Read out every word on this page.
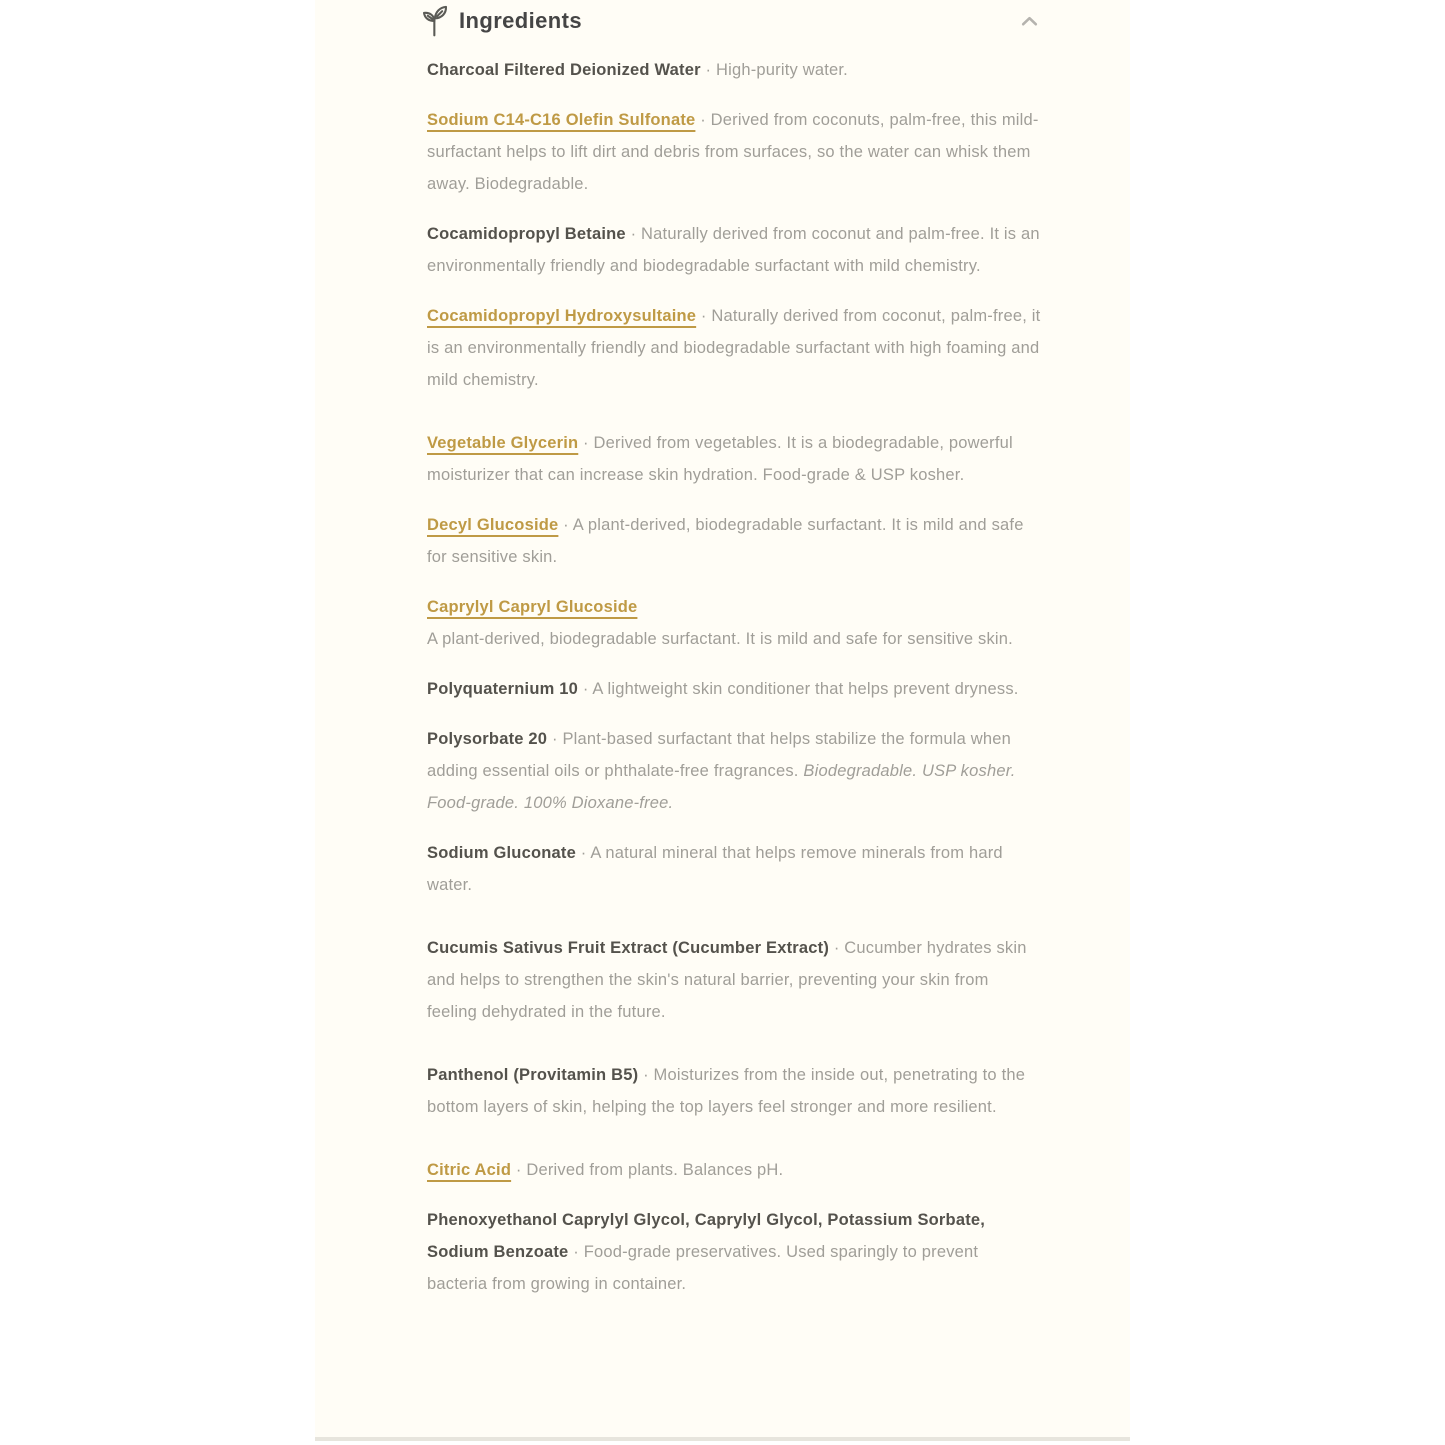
Ingredients

Charcoal Filtered Deionized Water · High-purity water.

Sodium C14-C16 Olefin Sulfonate · Derived from coconuts, palm-free, this mild-surfactant helps to lift dirt and debris from surfaces, so the water can whisk them away. Biodegradable.

Cocamidopropyl Betaine · Naturally derived from coconut and palm-free. It is an environmentally friendly and biodegradable surfactant with mild chemistry.

Cocamidopropyl Hydroxysultaine · Naturally derived from coconut, palm-free, it is an environmentally friendly and biodegradable surfactant with high foaming and mild chemistry.

Vegetable Glycerin · Derived from vegetables. It is a biodegradable, powerful moisturizer that can increase skin hydration. Food-grade & USP kosher.

Decyl Glucoside · A plant-derived, biodegradable surfactant. It is mild and safe for sensitive skin.

Caprylyl Capryl Glucoside
A plant-derived, biodegradable surfactant. It is mild and safe for sensitive skin.

Polyquaternium 10 · A lightweight skin conditioner that helps prevent dryness.

Polysorbate 20 · Plant-based surfactant that helps stabilize the formula when adding essential oils or phthalate-free fragrances. Biodegradable. USP kosher. Food-grade. 100% Dioxane-free.

Sodium Gluconate · A natural mineral that helps remove minerals from hard water.

Cucumis Sativus Fruit Extract (Cucumber Extract) · Cucumber hydrates skin and helps to strengthen the skin's natural barrier, preventing your skin from feeling dehydrated in the future.

Panthenol (Provitamin B5) · Moisturizes from the inside out, penetrating to the bottom layers of skin, helping the top layers feel stronger and more resilient.

Citric Acid · Derived from plants. Balances pH.

Phenoxyethanol Caprylyl Glycol, Caprylyl Glycol, Potassium Sorbate, Sodium Benzoate · Food-grade preservatives. Used sparingly to prevent bacteria from growing in container.
